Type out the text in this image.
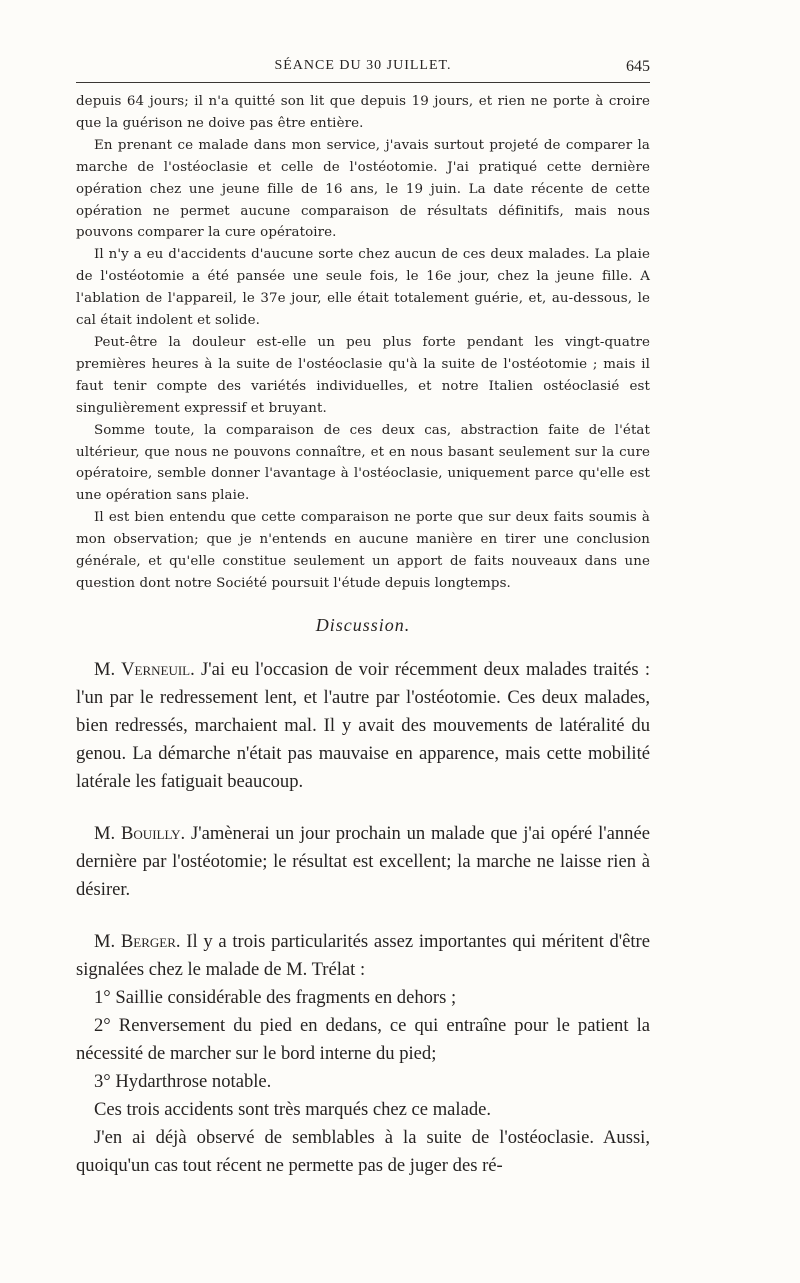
SÉANCE DU 30 JUILLET.	645

depuis 64 jours; il n'a quitté son lit que depuis 19 jours, et rien ne porte à croire que la guérison ne doive pas être entière.

En prenant ce malade dans mon service, j'avais surtout projeté de comparer la marche de l'ostéoclasie et celle de l'ostéotomie. J'ai pratiqué cette dernière opération chez une jeune fille de 16 ans, le 19 juin. La date récente de cette opération ne permet aucune comparaison de résultats définitifs, mais nous pouvons comparer la cure opératoire.

Il n'y a eu d'accidents d'aucune sorte chez aucun de ces deux malades. La plaie de l'ostéotomie a été pansée une seule fois, le 16e jour, chez la jeune fille. A l'ablation de l'appareil, le 37e jour, elle était totalement guérie, et, au-dessous, le cal était indolent et solide.

Peut-être la douleur est-elle un peu plus forte pendant les vingt-quatre premières heures à la suite de l'ostéoclasie qu'à la suite de l'ostéotomie ; mais il faut tenir compte des variétés individuelles, et notre Italien ostéoclasié est singulièrement expressif et bruyant.

Somme toute, la comparaison de ces deux cas, abstraction faite de l'état ultérieur, que nous ne pouvons connaître, et en nous basant seulement sur la cure opératoire, semble donner l'avantage à l'ostéoclasie, uniquement parce qu'elle est une opération sans plaie.

Il est bien entendu que cette comparaison ne porte que sur deux faits soumis à mon observation; que je n'entends en aucune manière en tirer une conclusion générale, et qu'elle constitue seulement un apport de faits nouveaux dans une question dont notre Société poursuit l'étude depuis longtemps.

Discussion.

M. Verneuil. J'ai eu l'occasion de voir récemment deux malades traités : l'un par le redressement lent, et l'autre par l'ostéotomie. Ces deux malades, bien redressés, marchaient mal. Il y avait des mouvements de latéralité du genou. La démarche n'était pas mauvaise en apparence, mais cette mobilité latérale les fatiguait beaucoup.

M. Bouilly. J'amènerai un jour prochain un malade que j'ai opéré l'année dernière par l'ostéotomie; le résultat est excellent; la marche ne laisse rien à désirer.

M. Berger. Il y a trois particularités assez importantes qui méritent d'être signalées chez le malade de M. Trélat :

1° Saillie considérable des fragments en dehors ;

2° Renversement du pied en dedans, ce qui entraîne pour le patient la nécessité de marcher sur le bord interne du pied;

3° Hydarthrose notable.

Ces trois accidents sont très marqués chez ce malade.

J'en ai déjà observé de semblables à la suite de l'ostéoclasie. Aussi, quoiqu'un cas tout récent ne permette pas de juger des ré-
